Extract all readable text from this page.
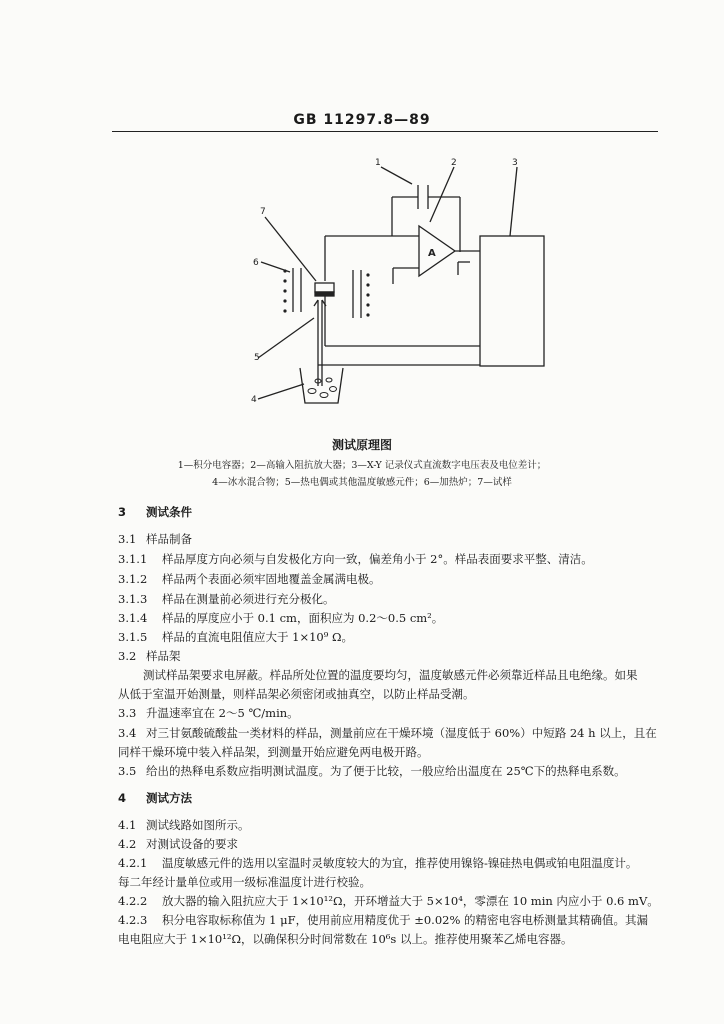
GB 11297.8—89
A
1	2	3
4
5
6
7
测试原理图
1—积分电容器；2—高输入阻抗放大器；3—X-Y 记录仪式直流数字电压表及电位差计；
4—冰水混合物；5—热电偶或其他温度敏感元件；6—加热炉；7—试样
3 测试条件
3.1 样品制备
3.1.1 样品厚度方向必须与自发极化方向一致，偏差角小于 2°。样品表面要求平整、清洁。
3.1.2 样品两个表面必须牢固地覆盖金属满电极。
3.1.3 样品在测量前必须进行充分极化。
3.1.4 样品的厚度应小于 0.1 cm，面积应为 0.2～0.5 cm²。
3.1.5 样品的直流电阻值应大于 1×10⁹ Ω。
3.2 样品架
测试样品架要求电屏蔽。样品所处位置的温度要均匀，温度敏感元件必须靠近样品且电绝缘。如果
从低于室温开始测量，则样品架必须密闭或抽真空，以防止样品受潮。
3.3 升温速率宜在 2～5 ℃/min。
3.4 对三甘氨酸硫酸盐一类材料的样品，测量前应在干燥环境（湿度低于 60%）中短路 24 h 以上，且在
同样干燥环境中装入样品架，到测量开始应避免两电极开路。
3.5 给出的热释电系数应指明测试温度。为了便于比较，一般应给出温度在 25℃下的热释电系数。
4 测试方法
4.1 测试线路如图所示。
4.2 对测试设备的要求
4.2.1 温度敏感元件的选用以室温时灵敏度较大的为宜，推荐使用镍铬-镍硅热电偶或铂电阻温度计。
每二年经计量单位或用一级标准温度计进行校验。
4.2.2 放大器的输入阻抗应大于 1×10¹²Ω，开环增益大于 5×10⁴，零漂在 10 min 内应小于 0.6 mV。
4.2.3 积分电容取标称值为 1 μF，使用前应用精度优于 ±0.02% 的精密电容电桥测量其精确值。其漏
电电阻应大于 1×10¹²Ω，以确保积分时间常数在 10⁶s 以上。推荐使用聚苯乙烯电容器。
